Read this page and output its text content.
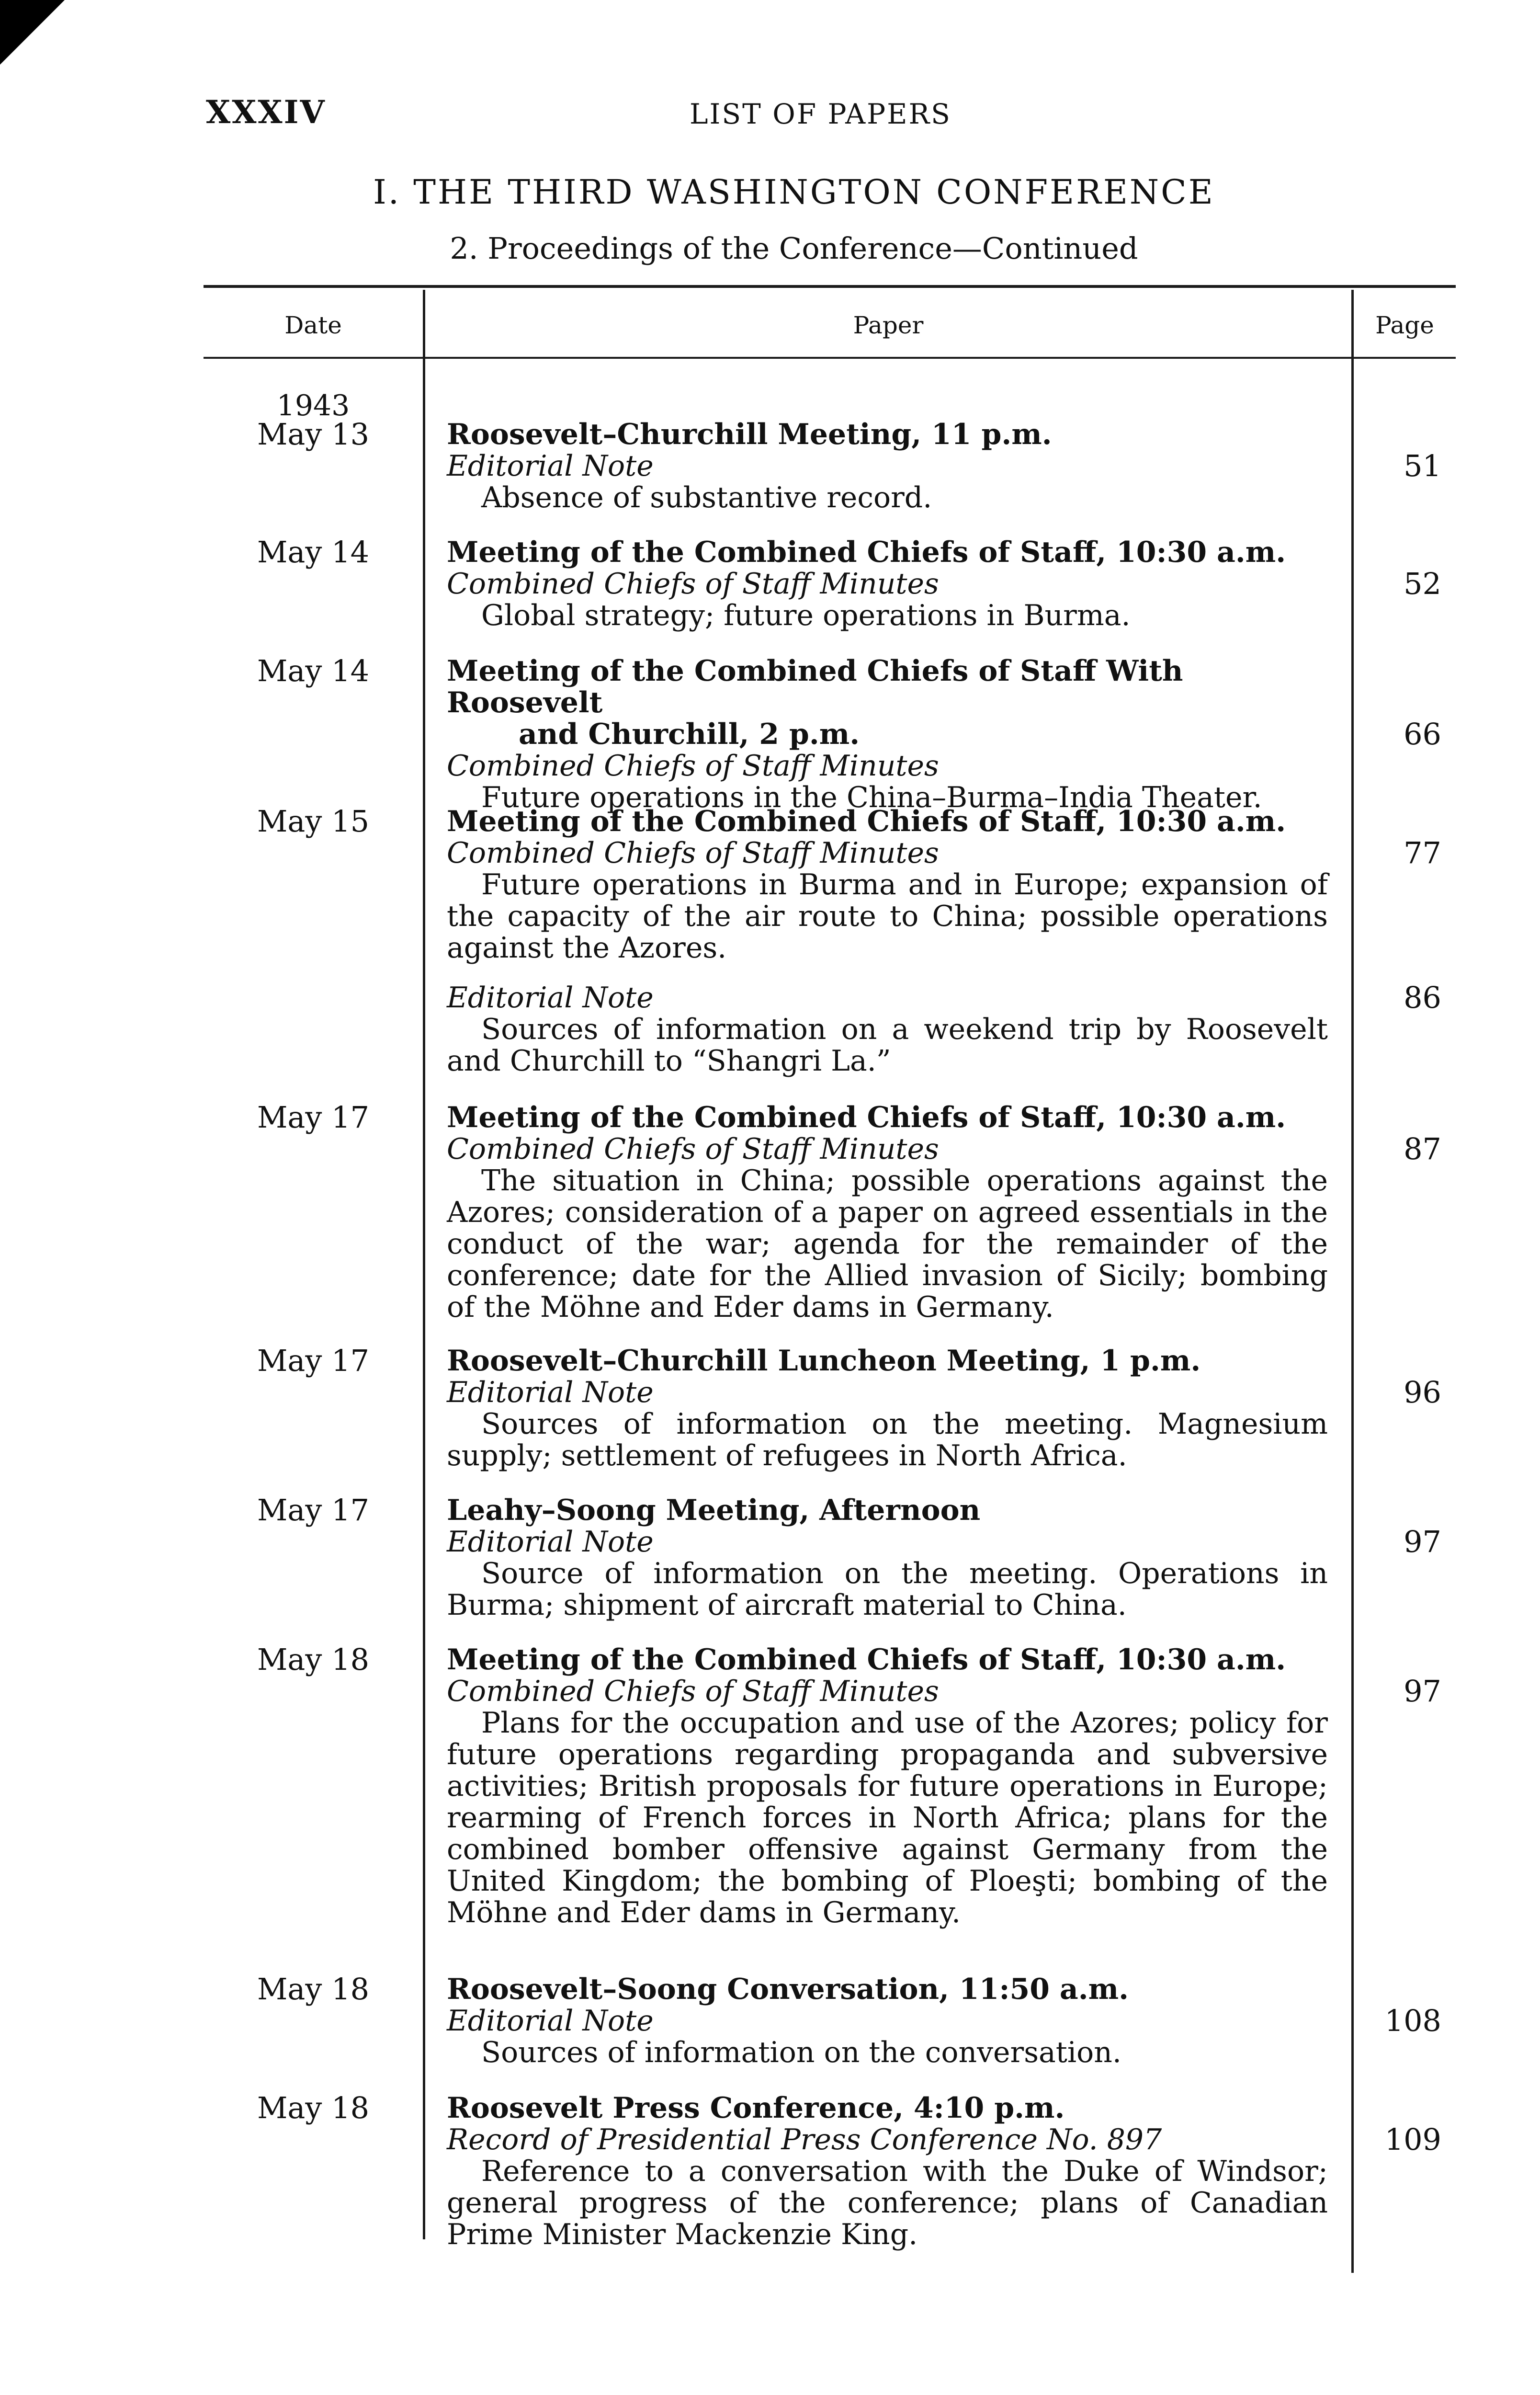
XXXIV	LIST OF PAPERS
I. THE THIRD WASHINGTON CONFERENCE
2. Proceedings of the Conference—Continued
Date	Paper	Page
1943
May 13	Roosevelt–Churchill Meeting, 11 p.m.
Editorial Note
Absence of substantive record.
51
May 14	Meeting of the Combined Chiefs of Staff, 10:30 a.m.
Combined Chiefs of Staff Minutes
Global strategy; future operations in Burma.
52
May 14	Meeting of the Combined Chiefs of Staff With Roosevelt
and Churchill, 2 p.m.
Combined Chiefs of Staff Minutes
Future operations in the China–Burma–India Theater.
66
May 15	Meeting of the Combined Chiefs of Staff, 10:30 a.m.
Combined Chiefs of Staff Minutes
Future operations in Burma and in Europe; expansion of the capacity of the air route to China; possible operations against the Azores.
77
Editorial Note
Sources of information on a weekend trip by Roosevelt and Churchill to “Shangri La.”
86
May 17	Meeting of the Combined Chiefs of Staff, 10:30 a.m.
Combined Chiefs of Staff Minutes
The situation in China; possible operations against the Azores; consideration of a paper on agreed essentials in the conduct of the war; agenda for the remainder of the conference; date for the Allied invasion of Sicily; bombing of the Möhne and Eder dams in Germany.
87
May 17	Roosevelt–Churchill Luncheon Meeting, 1 p.m.
Editorial Note
Sources of information on the meeting. Magnesium supply; settlement of refugees in North Africa.
96
May 17	Leahy–Soong Meeting, Afternoon
Editorial Note
Source of information on the meeting. Operations in Burma; shipment of aircraft material to China.
97
May 18	Meeting of the Combined Chiefs of Staff, 10:30 a.m.
Combined Chiefs of Staff Minutes
Plans for the occupation and use of the Azores; policy for future operations regarding propaganda and subversive activities; British proposals for future operations in Europe; rearming of French forces in North Africa; plans for the combined bomber offensive against Germany from the United Kingdom; the bombing of Ploeşti; bombing of the Möhne and Eder dams in Germany.
97
May 18	Roosevelt–Soong Conversation, 11:50 a.m.
Editorial Note
Sources of information on the conversation.
108
May 18	Roosevelt Press Conference, 4:10 p.m.
Record of Presidential Press Conference No. 897
Reference to a conversation with the Duke of Windsor; general progress of the conference; plans of Canadian Prime Minister Mackenzie King.
109
